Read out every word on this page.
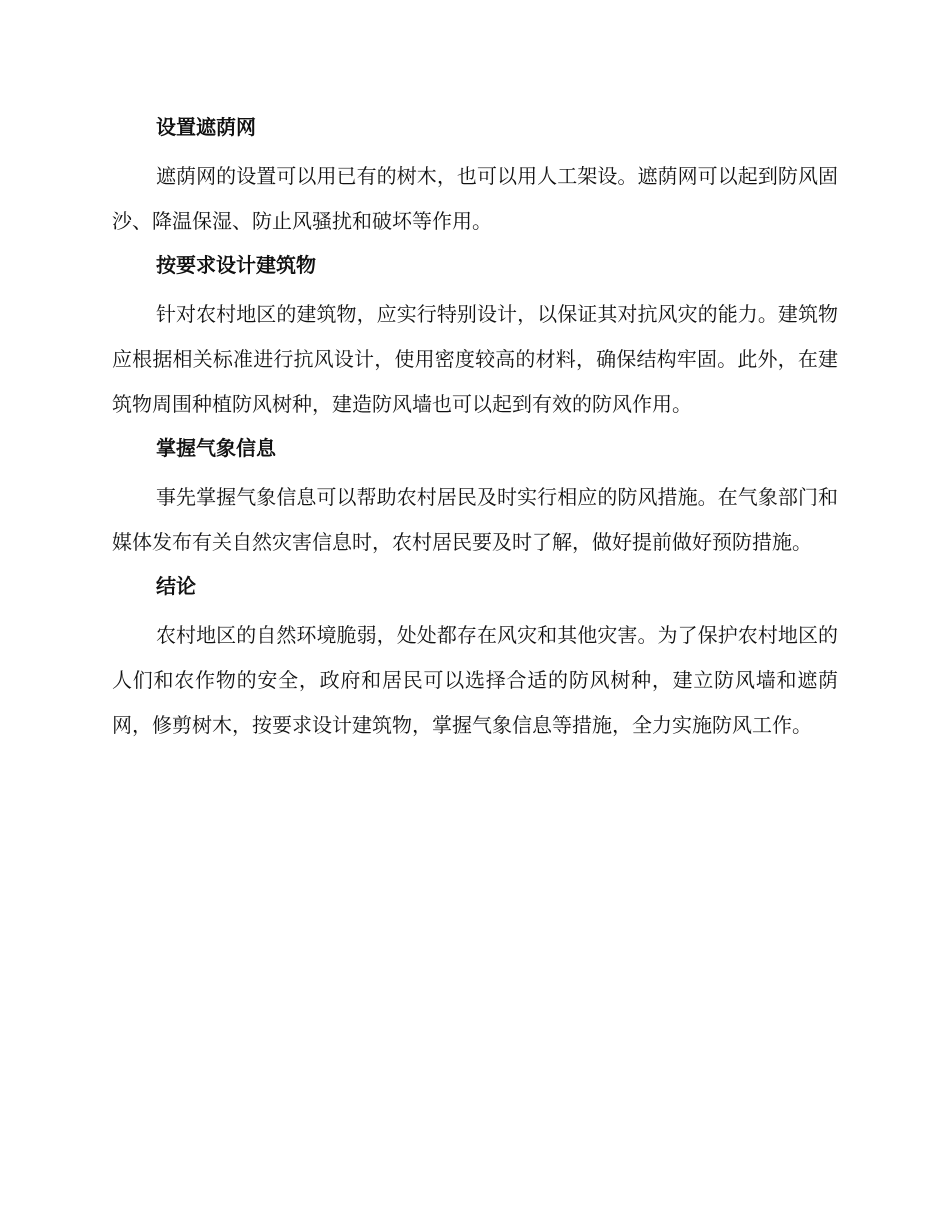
设置遮荫网

遮荫网的设置可以用已有的树木，也可以用人工架设。遮荫网可以起到防风固沙、降温保湿、防止风骚扰和破坏等作用。

按要求设计建筑物

针对农村地区的建筑物，应实行特别设计，以保证其对抗风灾的能力。建筑物应根据相关标准进行抗风设计，使用密度较高的材料，确保结构牢固。此外，在建筑物周围种植防风树种，建造防风墙也可以起到有效的防风作用。

掌握气象信息

事先掌握气象信息可以帮助农村居民及时实行相应的防风措施。在气象部门和媒体发布有关自然灾害信息时，农村居民要及时了解，做好提前做好预防措施。

结论

农村地区的自然环境脆弱，处处都存在风灾和其他灾害。为了保护农村地区的人们和农作物的安全，政府和居民可以选择合适的防风树种，建立防风墙和遮荫网，修剪树木，按要求设计建筑物，掌握气象信息等措施，全力实施防风工作。
